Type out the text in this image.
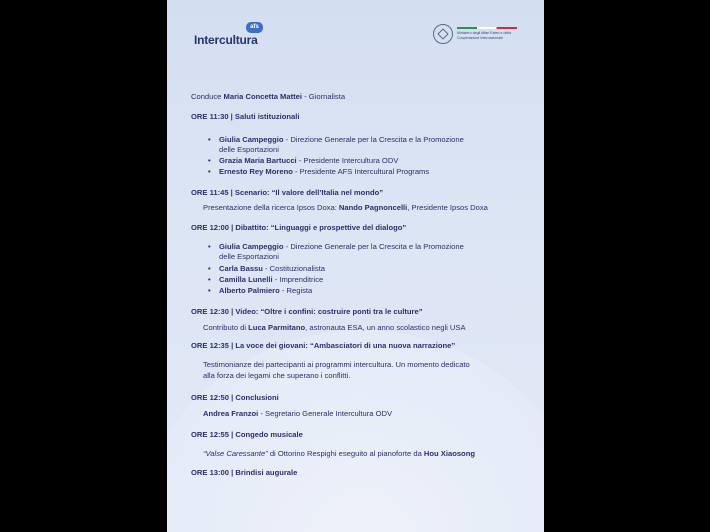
Intercultura
afs
Ministero degli Affari Esteri e della Cooperazione Internazionale
Conduce Maria Concetta Mattei - Giornalista
ORE 11:30 | Saluti istituzionali
• Giulia Campeggio - Direzione Generale per la Crescita e la Promozione
delle Esportazioni
• Grazia Maria Bartucci - Presidente Intercultura ODV
• Ernesto Rey Moreno - Presidente AFS Intercultural Programs
ORE 11:45 | Scenario: “Il valore dell’Italia nel mondo”
Presentazione della ricerca Ipsos Doxa: Nando Pagnoncelli, Presidente Ipsos Doxa
ORE 12:00 | Dibattito: “Linguaggi e prospettive del dialogo”
• Giulia Campeggio - Direzione Generale per la Crescita e la Promozione
delle Esportazioni
• Carla Bassu - Costituzionalista
• Camilla Lunelli - Imprenditrice
• Alberto Palmiero - Regista
ORE 12:30 | Video: “Oltre i confini: costruire ponti tra le culture”
Contributo di Luca Parmitano, astronauta ESA, un anno scolastico negli USA
ORE 12:35 | La voce dei giovani: “Ambasciatori di una nuova narrazione”
Testimonianze dei partecipanti ai programmi intercultura. Un momento dedicato
alla forza dei legami che superano i conflitti.
ORE 12:50 | Conclusioni
Andrea Franzoi - Segretario Generale Intercultura ODV
ORE 12:55 | Congedo musicale
“Valse Caressante” di Ottorino Respighi eseguito al pianoforte da Hou Xiaosong
ORE 13:00 | Brindisi augurale
